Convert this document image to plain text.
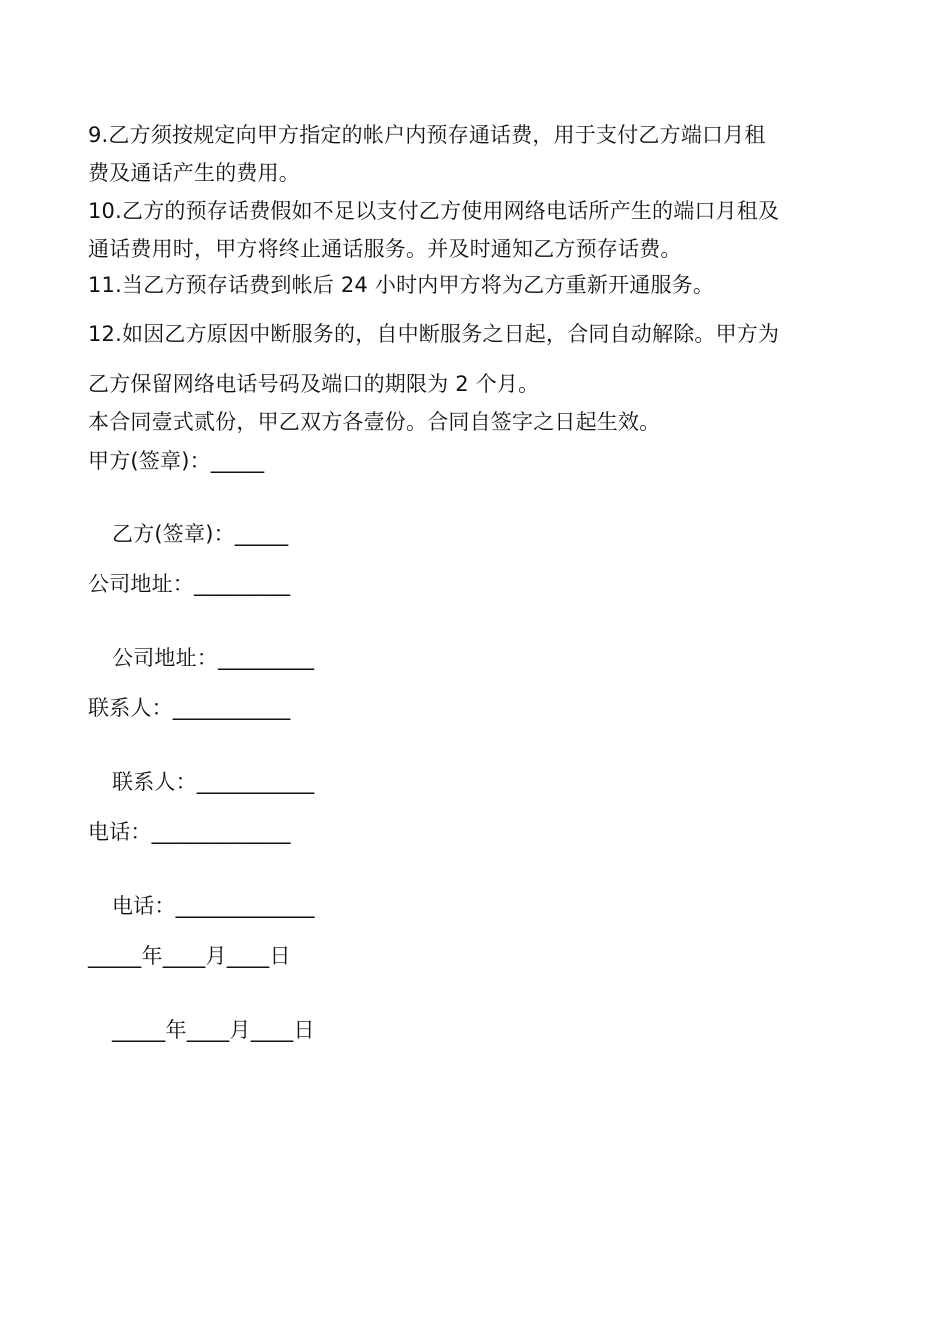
9.乙方须按规定向甲方指定的帐户内预存通话费，用于支付乙方端口月租
费及通话产生的费用。
10.乙方的预存话费假如不足以支付乙方使用网络电话所产生的端口月租及
通话费用时，甲方将终止通话服务。并及时通知乙方预存话费。
11.当乙方预存话费到帐后 24 小时内甲方将为乙方重新开通服务。
12.如因乙方原因中断服务的，自中断服务之日起，合同自动解除。甲方为
乙方保留网络电话号码及端口的期限为 2 个月。
本合同壹式贰份，甲乙双方各壹份。合同自签字之日起生效。
甲方(签章)：_____
乙方(签章)：_____
公司地址：_________
公司地址：_________
联系人：___________
联系人：___________
电话：_____________
电话：_____________
_____年____月____日
_____年____月____日
